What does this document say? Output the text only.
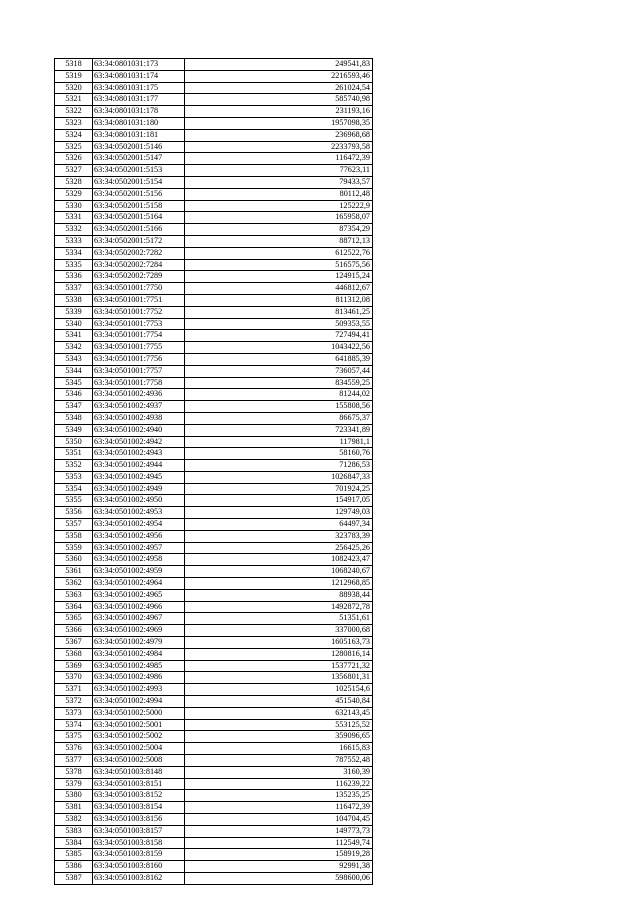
5318	63:34:0801031:173	249541,83
5319	63:34:0801031:174	2216593,46
5320	63:34:0801031:175	261024,54
5321	63:34:0801031:177	585740,98
5322	63:34:0801031:178	231193,16
5323	63:34:0801031:180	1957098,35
5324	63:34:0801031:181	236968,68
5325	63:34:0502001:5146	2233793,58
5326	63:34:0502001:5147	116472,39
5327	63:34:0502001:5153	77623,11
5328	63:34:0502001:5154	79433,57
5329	63:34:0502001:5156	80112,48
5330	63:34:0502001:5158	125222,9
5331	63:34:0502001:5164	165958,07
5332	63:34:0502001:5166	87354,29
5333	63:34:0502001:5172	88712,13
5334	63:34:0502002:7282	612522,76
5335	63:34:0502002:7284	516575,56
5336	63:34:0502002:7289	124915,24
5337	63:34:0501001:7750	446812,67
5338	63:34:0501001:7751	811312,08
5339	63:34:0501001:7752	813461,25
5340	63:34:0501001:7753	509353,55
5341	63:34:0501001:7754	727494,41
5342	63:34:0501001:7755	1043422,56
5343	63:34:0501001:7756	641885,39
5344	63:34:0501001:7757	736057,44
5345	63:34:0501001:7758	834559,25
5346	63:34:0501002:4936	81244,02
5347	63:34:0501002:4937	155808,56
5348	63:34:0501002:4938	86675,37
5349	63:34:0501002:4940	723341,89
5350	63:34:0501002:4942	117981,1
5351	63:34:0501002:4943	58160,76
5352	63:34:0501002:4944	71286,53
5353	63:34:0501002:4945	1026847,33
5354	63:34:0501002:4949	701924,25
5355	63:34:0501002:4950	154917,05
5356	63:34:0501002:4953	129749,03
5357	63:34:0501002:4954	64497,34
5358	63:34:0501002:4956	323783,39
5359	63:34:0501002:4957	256425,26
5360	63:34:0501002:4958	1082423,47
5361	63:34:0501002:4959	1068240,67
5362	63:34:0501002:4964	1212968,85
5363	63:34:0501002:4965	88938,44
5364	63:34:0501002:4966	1492872,78
5365	63:34:0501002:4967	51351,61
5366	63:34:0501002:4969	337000,68
5367	63:34:0501002:4979	1605163,73
5368	63:34:0501002:4984	1280816,14
5369	63:34:0501002:4985	1537721,32
5370	63:34:0501002:4986	1356801,31
5371	63:34:0501002:4993	1025154,6
5372	63:34:0501002:4994	451540,84
5373	63:34:0501002:5000	632143,45
5374	63:34:0501002:5001	553125,52
5375	63:34:0501002:5002	359096,65
5376	63:34:0501002:5004	16615,83
5377	63:34:0501002:5008	787552,48
5378	63:34:0501003:8148	3160,39
5379	63:34:0501003:8151	116239,22
5380	63:34:0501003:8152	135235,25
5381	63:34:0501003:8154	116472,39
5382	63:34:0501003:8156	104704,45
5383	63:34:0501003:8157	149773,73
5384	63:34:0501003:8158	112549,74
5385	63:34:0501003:8159	158919,28
5386	63:34:0501003:8160	92991,38
5387	63:34:0501003:8162	598600,06
